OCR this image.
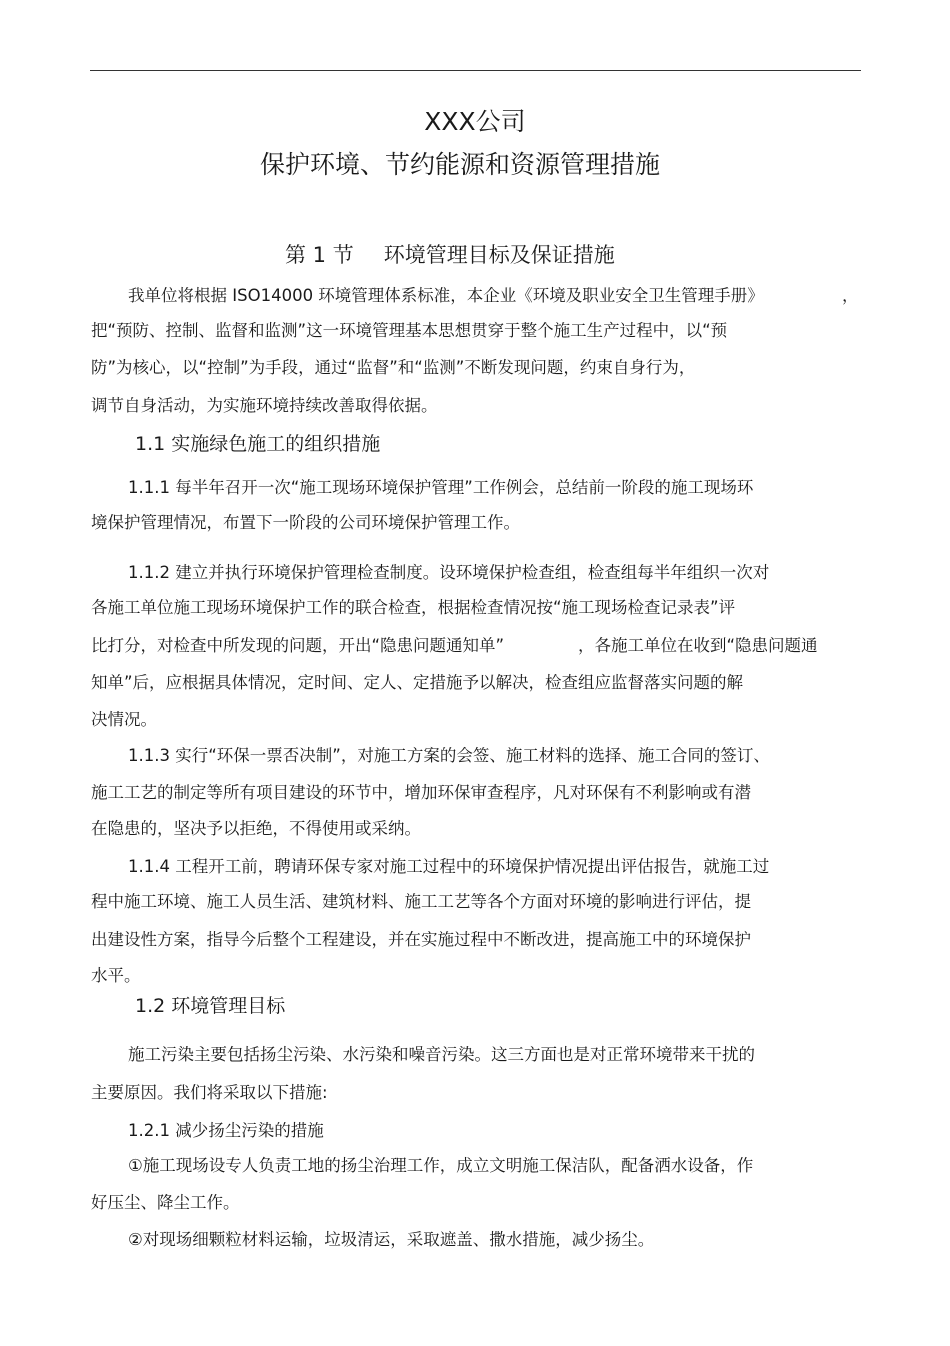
XXX公司
保护环境、节约能源和资源管理措施
第 1 节 环境管理目标及保证措施
我单位将根据 ISO14000 环境管理体系标准，本企业《环境及职业安全卫生管理手册》	，
把“预防、控制、监督和监测”这一环境管理基本思想贯穿于整个施工生产过程中，以“预
防”为核心，以“控制”为手段，通过“监督”和“监测”不断发现问题，约束自身行为，
调节自身活动，为实施环境持续改善取得依据。
1.1 实施绿色施工的组织措施
1.1.1 每半年召开一次“施工现场环境保护管理”工作例会，总结前一阶段的施工现场环
境保护管理情况，布置下一阶段的公司环境保护管理工作。
1.1.2 建立并执行环境保护管理检查制度。设环境保护检查组，检查组每半年组织一次对
各施工单位施工现场环境保护工作的联合检查，根据检查情况按“施工现场检查记录表”评
比打分，对检查中所发现的问题，开出“隐患问题通知单”	，各施工单位在收到“隐患问题通
知单”后，应根据具体情况，定时间、定人、定措施予以解决，检查组应监督落实问题的解
决情况。
1.1.3 实行“环保一票否决制”，对施工方案的会签、施工材料的选择、施工合同的签订、
施工工艺的制定等所有项目建设的环节中，增加环保审查程序，凡对环保有不利影响或有潜
在隐患的，坚决予以拒绝，不得使用或采纳。
1.1.4 工程开工前，聘请环保专家对施工过程中的环境保护情况提出评估报告，就施工过
程中施工环境、施工人员生活、建筑材料、施工工艺等各个方面对环境的影响进行评估，提
出建设性方案，指导今后整个工程建设，并在实施过程中不断改进，提高施工中的环境保护
水平。
1.2 环境管理目标
施工污染主要包括扬尘污染、水污染和噪音污染。这三方面也是对正常环境带来干扰的
主要原因。我们将采取以下措施:
1.2.1 减少扬尘污染的措施
①施工现场设专人负责工地的扬尘治理工作，成立文明施工保洁队，配备洒水设备，作
好压尘、降尘工作。
②对现场细颗粒材料运输，垃圾清运，采取遮盖、撒水措施，减少扬尘。
